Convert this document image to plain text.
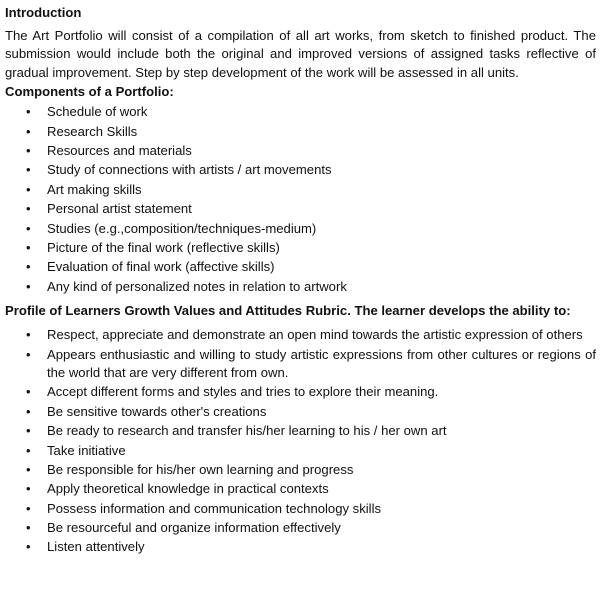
Introduction

The Art Portfolio will consist of a compilation of all art works, from sketch to finished product. The submission would include both the original and improved versions of assigned tasks reflective of gradual improvement. Step by step development of the work will be assessed in all units.

Components of a Portfolio:

• Schedule of work
• Research Skills
• Resources and materials
• Study of connections with artists / art movements
• Art making skills
• Personal artist statement
• Studies (e.g.,composition/techniques-medium)
• Picture of the final work (reflective skills)
• Evaluation of final work (affective skills)
• Any kind of personalized notes in relation to artwork

Profile of Learners Growth Values and Attitudes Rubric. The learner develops the ability to:

• Respect, appreciate and demonstrate an open mind towards the artistic expression of others
• Appears enthusiastic and willing to study artistic expressions from other cultures or regions of the world that are very different from own.
• Accept different forms and styles and tries to explore their meaning.
• Be sensitive towards other's creations
• Be ready to research and transfer his/her learning to his / her own art
• Take initiative
• Be responsible for his/her own learning and progress
• Apply theoretical knowledge in practical contexts
• Possess information and communication technology skills
• Be resourceful and organize information effectively
• Listen attentively
